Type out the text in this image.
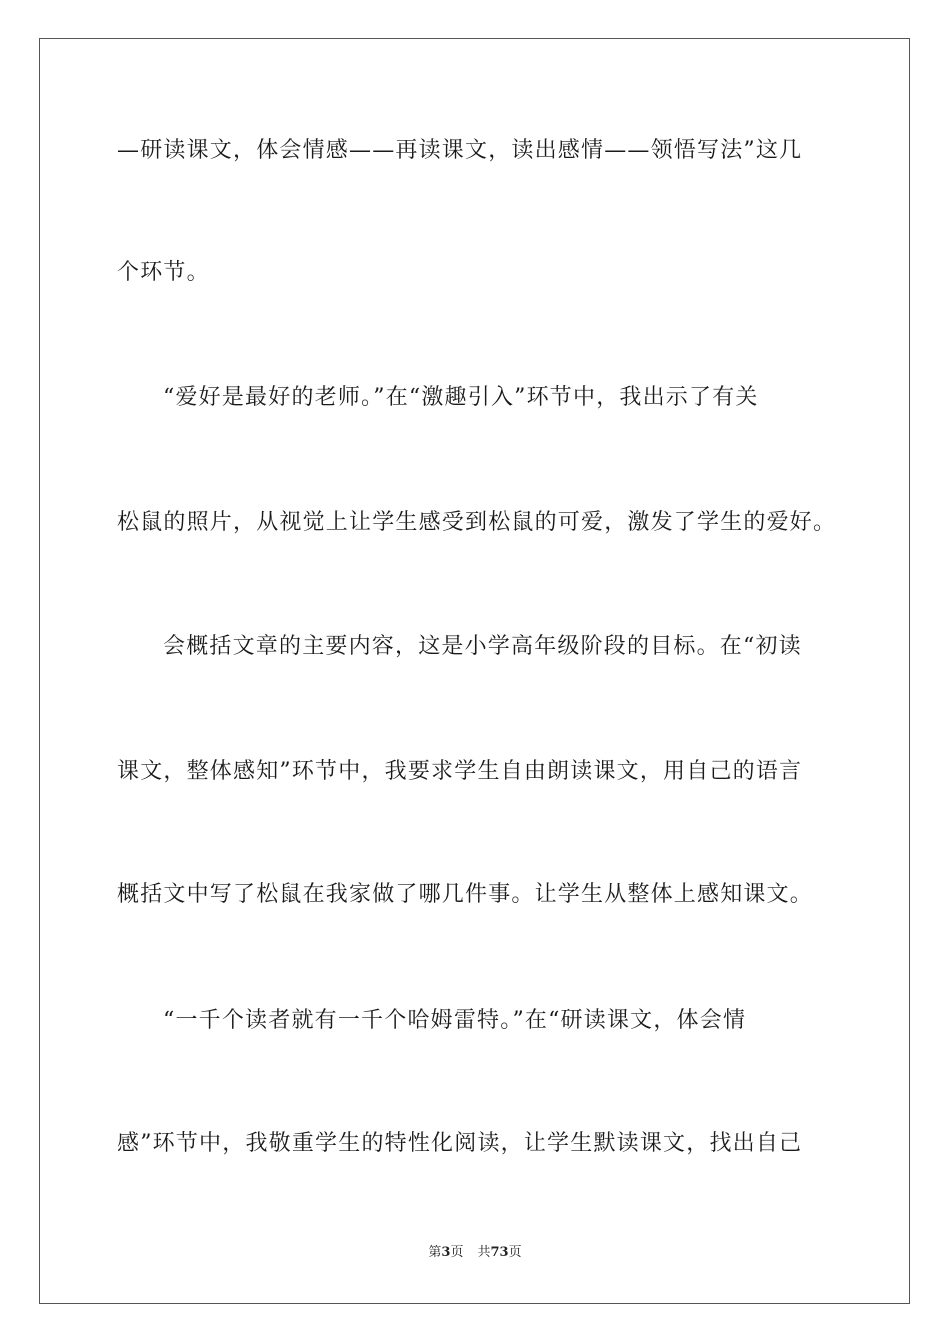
—研读课文，体会情感——再读课文，读出感情——领悟写法”这几
个环节。
“爱好是最好的老师。”在“激趣引入”环节中，我出示了有关
松鼠的照片，从视觉上让学生感受到松鼠的可爱，激发了学生的爱好。
会概括文章的主要内容，这是小学高年级阶段的目标。在“初读
课文，整体感知”环节中，我要求学生自由朗读课文，用自己的语言
概括文中写了松鼠在我家做了哪几件事。让学生从整体上感知课文。
“一千个读者就有一千个哈姆雷特。”在“研读课文，体会情
感”环节中，我敬重学生的特性化阅读，让学生默读课文，找出自己
第3页 共73页
